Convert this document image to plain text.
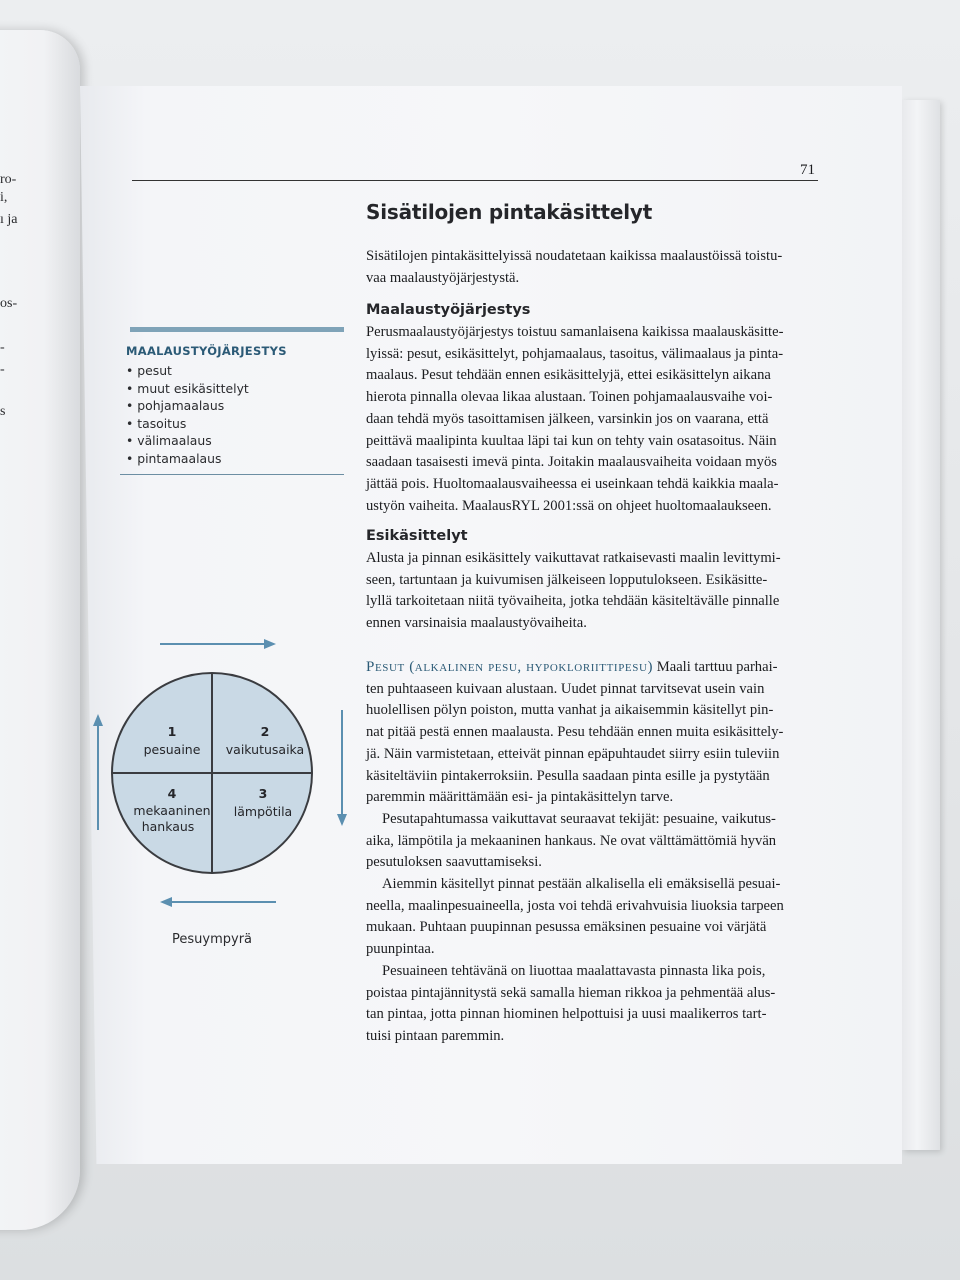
ro-
i,
ı ja
os-
-
-
s
71
Sisätilojen pintakäsittelyt
Sisätilojen pintakäsittelyissä noudatetaan kaikissa maalaustöissä toistu-
vaa maalaustyöjärjestystä.
Maalaustyöjärjestys
Perusmaalaustyöjärjestys toistuu samanlaisena kaikissa maalauskäsitte-
lyissä: pesut, esikäsittelyt, pohjamaalaus, tasoitus, välimaalaus ja pinta-
maalaus. Pesut tehdään ennen esikäsittelyjä, ettei esikäsittelyn aikana
hierota pinnalla olevaa likaa alustaan. Toinen pohjamaalausvaihe voi-
daan tehdä myös tasoittamisen jälkeen, varsinkin jos on vaarana, että
peittävä maalipinta kuultaa läpi tai kun on tehty vain osatasoitus. Näin
saadaan tasaisesti imevä pinta. Joitakin maalausvaiheita voidaan myös
jättää pois. Huoltomaalausvaiheessa ei useinkaan tehdä kaikkia maala-
ustyön vaiheita. MaalausRYL 2001:ssä on ohjeet huoltomaalaukseen.
Esikäsittelyt
Alusta ja pinnan esikäsittely vaikuttavat ratkaisevasti maalin levittymi-
seen, tartuntaan ja kuivumisen jälkeiseen lopputulokseen. Esikäsitte-
lyllä tarkoitetaan niitä työvaiheita, jotka tehdään käsiteltävälle pinnalle
ennen varsinaisia maalaustyövaiheita.
Pesut (alkalinen pesu, hypokloriittipesu) Maali tarttuu parhai-
ten puhtaaseen kuivaan alustaan. Uudet pinnat tarvitsevat usein vain
huolellisen pölyn poiston, mutta vanhat ja aikaisemmin käsitellyt pin-
nat pitää pestä ennen maalausta. Pesu tehdään ennen muita esikäsittely-
jä. Näin varmistetaan, etteivät pinnan epäpuhtaudet siirry esiin tuleviin
käsiteltäviin pintakerroksiin. Pesulla saadaan pinta esille ja pystytään
paremmin määrittämään esi- ja pintakäsittelyn tarve.
Pesutapahtumassa vaikuttavat seuraavat tekijät: pesuaine, vaikutus-
aika, lämpötila ja mekaaninen hankaus. Ne ovat välttämättömiä hyvän
pesutuloksen saavuttamiseksi.
Aiemmin käsitellyt pinnat pestään alkalisella eli emäksisellä pesuai-
neella, maalinpesuaineella, josta voi tehdä erivahvuisia liuoksia tarpeen
mukaan. Puhtaan puupinnan pesussa emäksinen pesuaine voi värjätä
puunpintaa.
Pesuaineen tehtävänä on liuottaa maalattavasta pinnasta lika pois,
poistaa pintajännitystä sekä samalla hieman rikkoa ja pehmentää alus-
tan pintaa, jotta pinnan hiominen helpottuisi ja uusi maalikerros tart-
tuisi pintaan paremmin.
MAALAUSTYÖJÄRJESTYS
• pesut
• muut esikäsittelyt
• pohjamaalaus
• tasoitus
• välimaalaus
• pintamaalaus
1
pesuaine
2
vaikutusaika
3
lämpötila
4
mekaaninen
hankaus
Pesuympyrä
